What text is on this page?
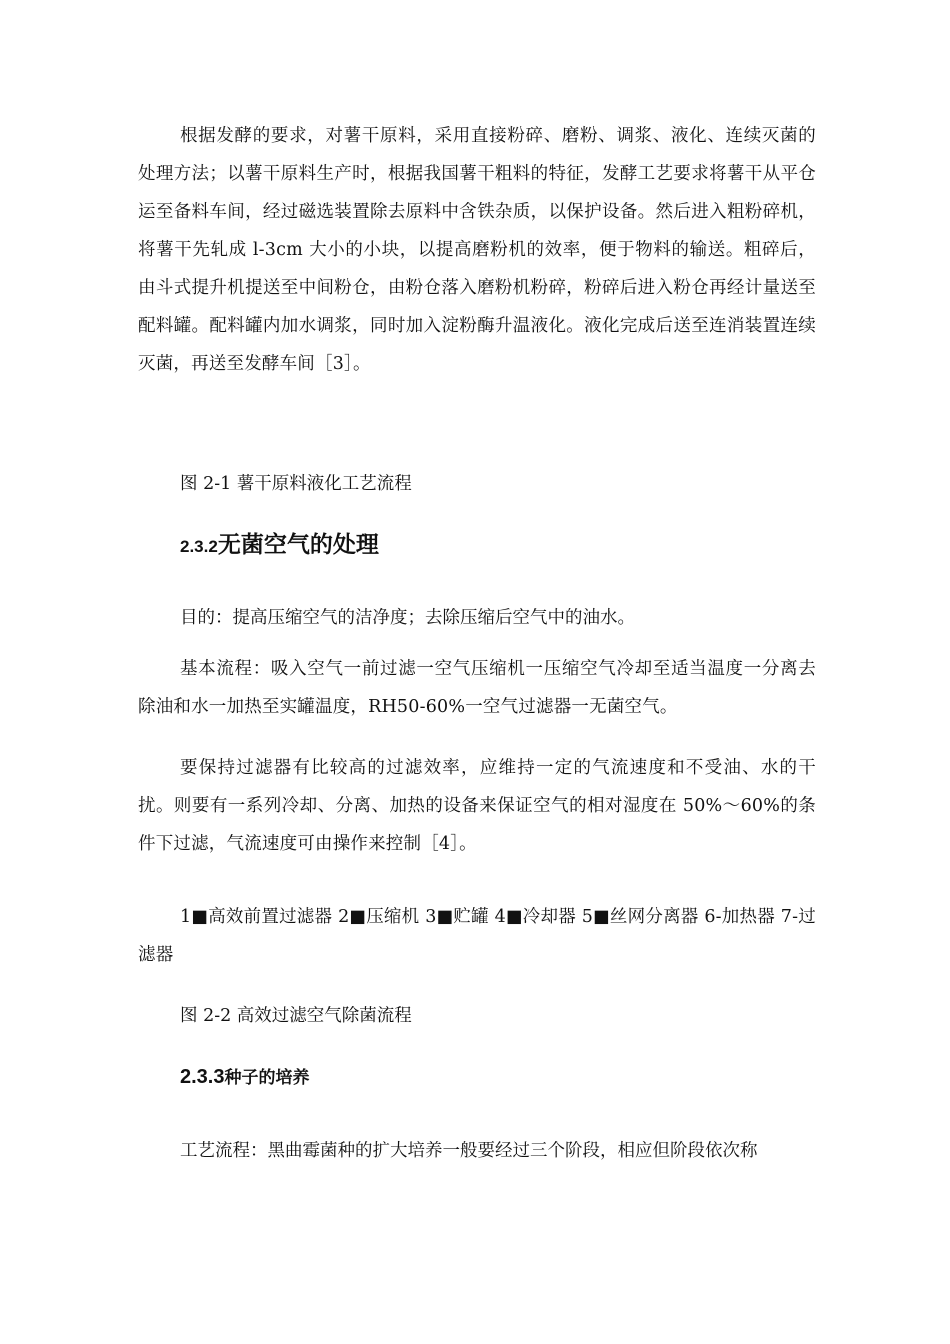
根据发酵的要求，对薯干原料，采用直接粉碎、磨粉、调浆、液化、连续灭菌的处理方法；以薯干原料生产时，根据我国薯干粗料的特征，发酵工艺要求将薯干从平仓运至备料车间，经过磁选装置除去原料中含铁杂质，以保护设备。然后进入粗粉碎机，将薯干先轧成 l-3cm 大小的小块，以提高磨粉机的效率，便于物料的输送。粗碎后，由斗式提升机提送至中间粉仓，由粉仓落入磨粉机粉碎，粉碎后进入粉仓再经计量送至配料罐。配料罐内加水调浆，同时加入淀粉酶升温液化。液化完成后送至连消装置连续灭菌，再送至发酵车间［3］。

图 2-1 薯干原料液化工艺流程

2.3.2无菌空气的处理

目的：提高压缩空气的洁净度；去除压缩后空气中的油水。

基本流程：吸入空气一前过滤一空气压缩机一压缩空气冷却至适当温度一分离去除油和水一加热至实罐温度，RH50-60%一空气过滤器一无菌空气。

要保持过滤器有比较高的过滤效率，应维持一定的气流速度和不受油、水的干扰。则要有一系列冷却、分离、加热的设备来保证空气的相对湿度在 50%～60%的条件下过滤，气流速度可由操作来控制［4］。

1■高效前置过滤器 2■压缩机 3■贮罐 4■冷却器 5■丝网分离器 6-加热器 7-过滤器

图 2-2 高效过滤空气除菌流程

2.3.3种子的培养

工艺流程：黑曲霉菌种的扩大培养一般要经过三个阶段，相应但阶段依次称
